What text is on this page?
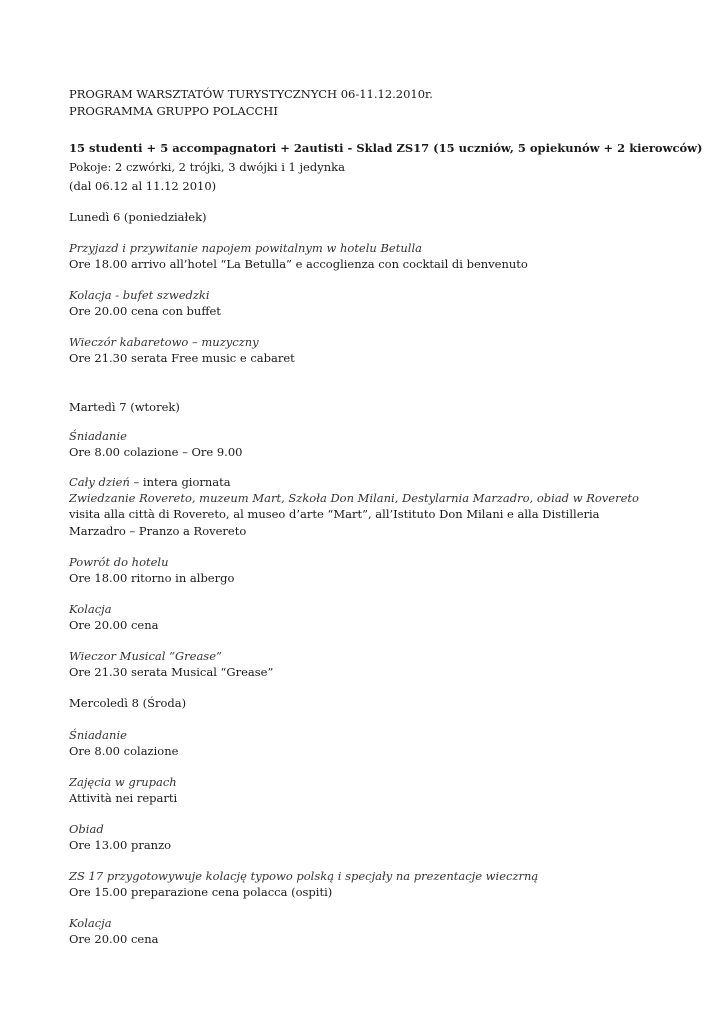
PROGRAM WARSZTATÓW TURYSTYCZNYCH 06-11.12.2010r.
PROGRAMMA GRUPPO POLACCHI
15 studenti + 5 accompagnatori + 2autisti - Sklad ZS17 (15 uczniów, 5 opiekunów + 2 kierowców)
Pokoje: 2 czwórki, 2 trójki, 3 dwójki i 1 jedynka
(dal 06.12 al 11.12 2010)
Lunedì 6 (poniedziałek)
Przyjazd i przywitanie napojem powitalnym w hotelu Betulla
Ore 18.00 arrivo all’hotel “La Betulla” e accoglienza con cocktail di benvenuto
Kolacja - bufet szwedzki
Ore 20.00 cena con buffet
Wieczór kabaretowo – muzyczny
Ore 21.30 serata Free music e cabaret
Martedì 7 (wtorek)
Śniadanie
Ore 8.00 colazione – Ore 9.00
Cały dzień – intera giornata
Zwiedzanie Rovereto, muzeum Mart, Szkoła Don Milani, Destylarnia Marzadro, obiad w Rovereto
visita alla città di Rovereto, al museo d’arte “Mart”, all’Istituto Don Milani e alla Distilleria Marzadro – Pranzo a Rovereto
Powrót do hotelu
Ore 18.00 ritorno in albergo
Kolacja
Ore 20.00 cena
Wieczor Musical “Grease”
Ore 21.30 serata Musical “Grease”
Mercoledì 8 (Środa)
Śniadanie
Ore 8.00 colazione
Zajęcia w grupach
Attività nei reparti
Obiad
Ore 13.00 pranzo
ZS 17 przygotowywuje kolację typowo polską i specjały na prezentacje wieczrną
Ore 15.00 preparazione cena polacca (ospiti)
Kolacja
Ore 20.00 cena
